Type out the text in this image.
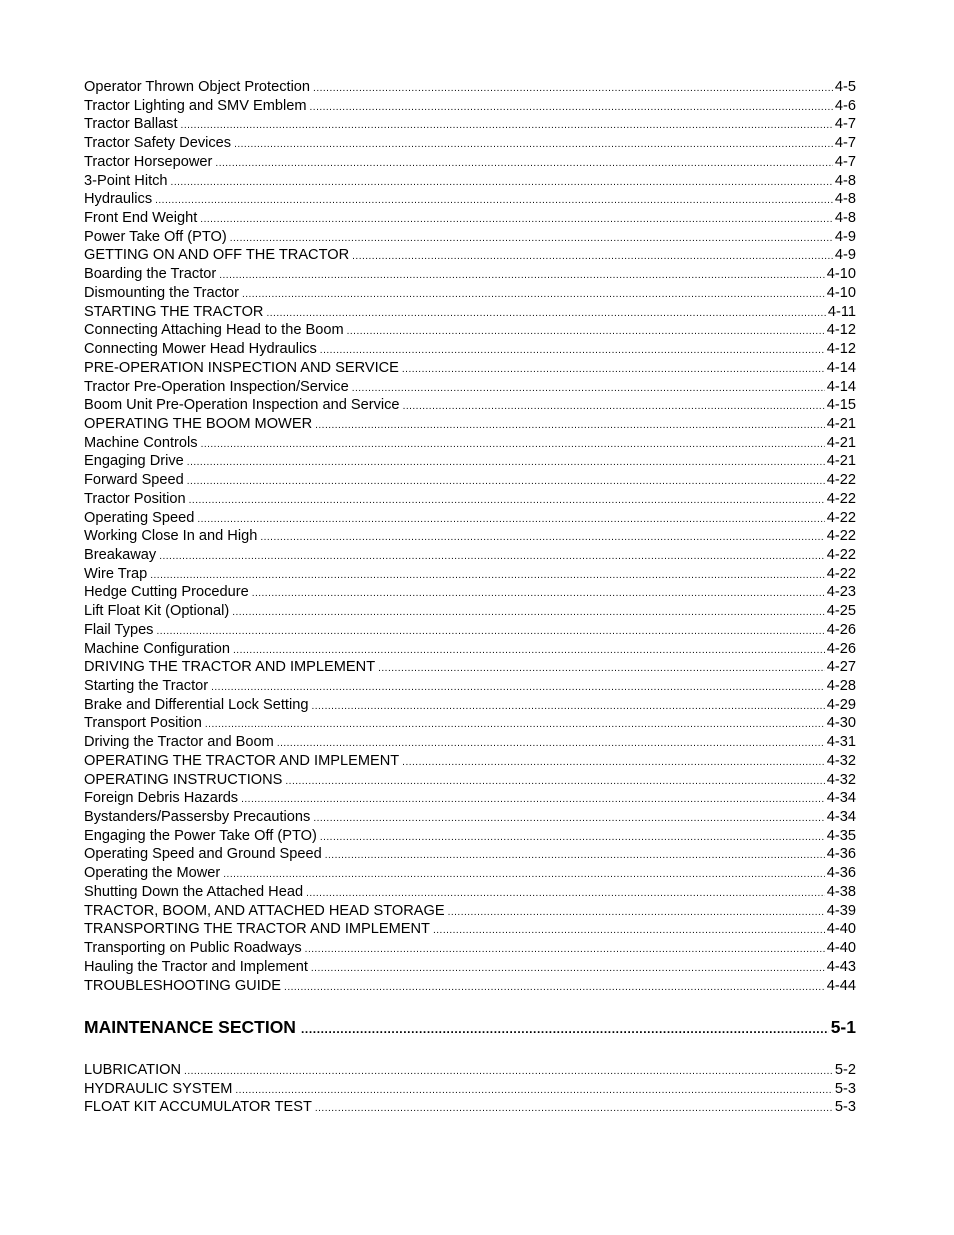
Operator Thrown Object Protection .....	4-5
Tractor Lighting and SMV Emblem .....	4-6
Tractor Ballast .....	4-7
Tractor Safety Devices .....	4-7
Tractor Horsepower .....	4-7
3-Point Hitch .....	4-8
Hydraulics .....	4-8
Front End Weight .....	4-8
Power Take Off (PTO) .....	4-9
GETTING ON AND OFF THE TRACTOR .....	4-9
Boarding the Tractor .....	4-10
Dismounting the Tractor .....	4-10
STARTING THE TRACTOR .....	4-11
Connecting Attaching Head to the Boom .....	4-12
Connecting Mower Head Hydraulics .....	4-12
PRE-OPERATION INSPECTION AND SERVICE .....	4-14
Tractor Pre-Operation Inspection/Service .....	4-14
Boom Unit Pre-Operation Inspection and Service .....	4-15
OPERATING THE BOOM MOWER .....	4-21
Machine Controls .....	4-21
Engaging Drive .....	4-21
Forward Speed .....	4-22
Tractor Position .....	4-22
Operating Speed .....	4-22
Working Close In and High .....	4-22
Breakaway .....	4-22
Wire Trap .....	4-22
Hedge Cutting Procedure .....	4-23
Lift Float Kit (Optional) .....	4-25
Flail Types .....	4-26
Machine Configuration .....	4-26
DRIVING THE TRACTOR AND IMPLEMENT .....	4-27
Starting the Tractor .....	4-28
Brake and Differential Lock Setting .....	4-29
Transport Position .....	4-30
Driving the Tractor and Boom .....	4-31
OPERATING THE TRACTOR AND IMPLEMENT .....	4-32
OPERATING INSTRUCTIONS .....	4-32
Foreign Debris Hazards .....	4-34
Bystanders/Passersby Precautions .....	4-34
Engaging the Power Take Off (PTO) .....	4-35
Operating Speed and Ground Speed .....	4-36
Operating the Mower .....	4-36
Shutting Down the Attached Head .....	4-38
TRACTOR, BOOM, AND ATTACHED HEAD STORAGE .....	4-39
TRANSPORTING THE TRACTOR AND IMPLEMENT .....	4-40
Transporting on Public Roadways .....	4-40
Hauling the Tractor and Implement .....	4-43
TROUBLESHOOTING GUIDE .....	4-44
MAINTENANCE SECTION .....	5-1
LUBRICATION .....	5-2
HYDRAULIC SYSTEM .....	5-3
FLOAT KIT ACCUMULATOR TEST .....	5-3
